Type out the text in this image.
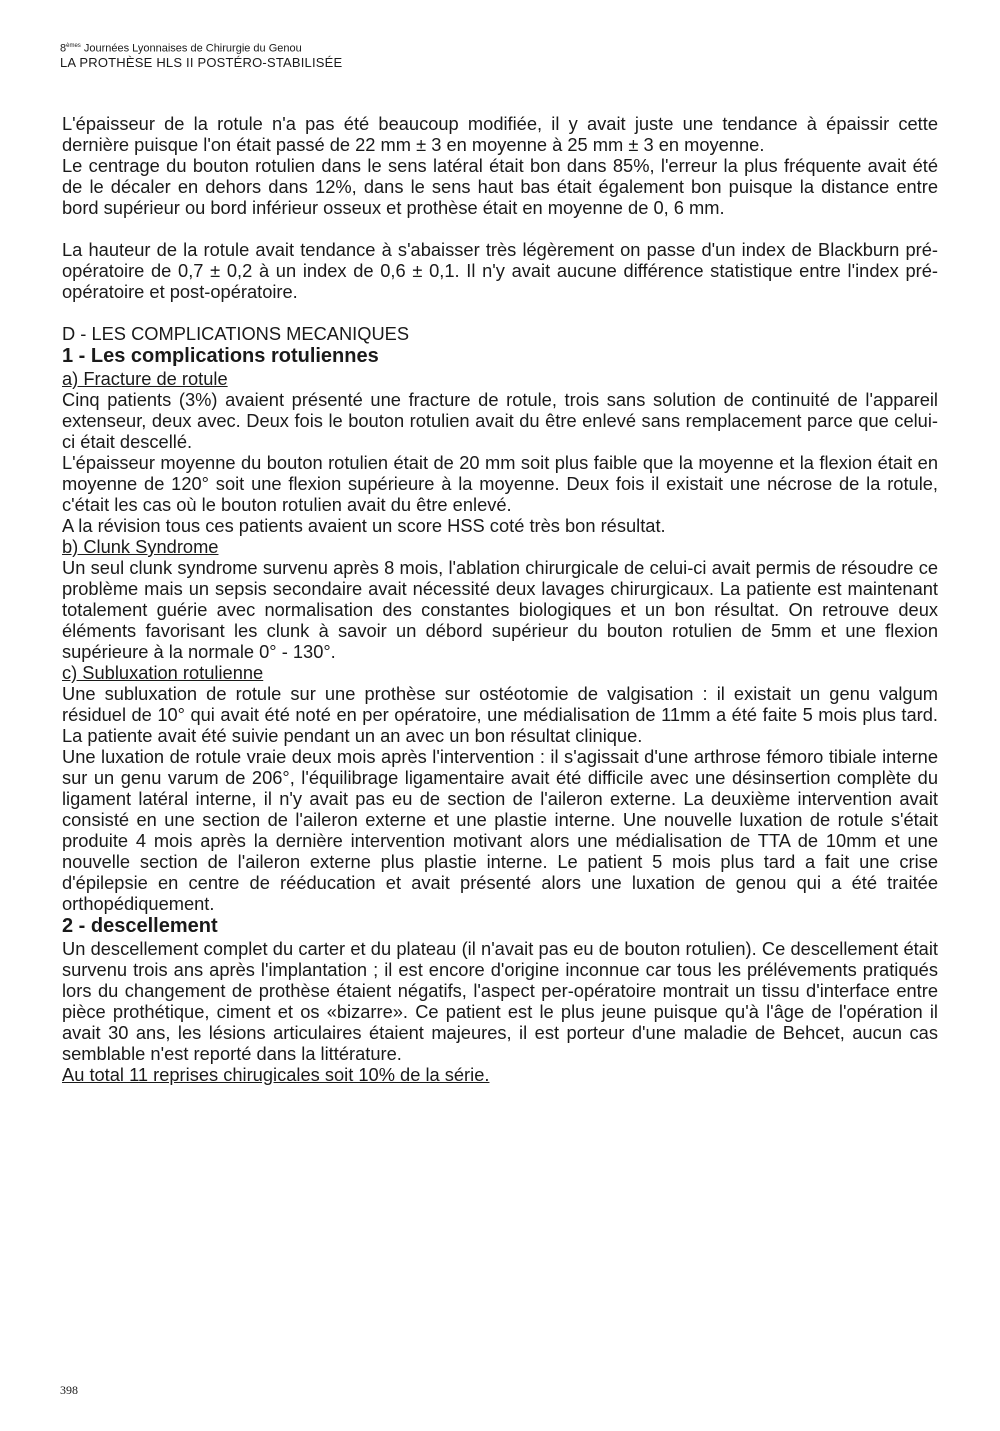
8èmes Journées Lyonnaises de Chirurgie du Genou
LA PROTHÈSE HLS II POSTÉRO-STABILISÉE

L'épaisseur de la rotule n'a pas été beaucoup modifiée, il y avait juste une tendance à épaissir cette dernière puisque l'on était passé de 22 mm ± 3 en moyenne à 25 mm ± 3 en moyenne.

Le centrage du bouton rotulien dans le sens latéral était bon dans 85%, l'erreur la plus fréquente avait été de le décaler en dehors dans 12%, dans le sens haut bas était également bon puisque la distance entre bord supérieur ou bord inférieur osseux et prothèse était en moyenne de 0, 6 mm.

La hauteur de la rotule avait tendance à s'abaisser très légèrement on passe d'un index de Blackburn pré-opératoire de 0,7 ± 0,2 à un index de 0,6 ± 0,1. Il n'y avait aucune différence statistique entre l'index pré-opératoire et post-opératoire.

D - LES COMPLICATIONS MECANIQUES

1 - Les complications rotuliennes

a) Fracture de rotule

Cinq patients (3%) avaient présenté une fracture de rotule, trois sans solution de continuité de l'appareil extenseur, deux avec. Deux fois le bouton rotulien avait du être enlevé sans remplacement parce que celui-ci était descellé.

L'épaisseur moyenne du bouton rotulien était de 20 mm soit plus faible que la moyenne et la flexion était en moyenne de 120° soit une flexion supérieure à la moyenne. Deux fois il existait une nécrose de la rotule, c'était les cas où le bouton rotulien avait du être enlevé.

A la révision tous ces patients avaient un score HSS coté très bon résultat.

b) Clunk Syndrome

Un seul clunk syndrome survenu après 8 mois, l'ablation chirurgicale de celui-ci avait permis de résoudre ce problème mais un sepsis secondaire avait nécessité deux lavages chirurgicaux. La patiente est maintenant totalement guérie avec normalisation des constantes biologiques et un bon résultat. On retrouve deux éléments favorisant les clunk à savoir un débord supérieur du bouton rotulien de 5mm et une flexion supérieure à la normale 0° - 130°.

c) Subluxation rotulienne

Une subluxation de rotule sur une prothèse sur ostéotomie de valgisation : il existait un genu valgum résiduel de 10° qui avait été noté en per opératoire, une médialisation de 11mm a été faite 5 mois plus tard. La patiente avait été suivie pendant un an avec un bon résultat clinique.

Une luxation de rotule vraie deux mois après l'intervention : il s'agissait d'une arthrose fémoro tibiale interne sur un genu varum de 206°, l'équilibrage ligamentaire avait été difficile avec une désinsertion complète du ligament latéral interne, il n'y avait pas eu de section de l'aileron externe. La deuxième intervention avait consisté en une section de l'aileron externe et une plastie interne. Une nouvelle luxation de rotule s'était produite 4 mois après la dernière intervention motivant alors une médialisation de TTA de 10mm et une nouvelle section de l'aileron externe plus plastie interne. Le patient 5 mois plus tard a fait une crise d'épilepsie en centre de rééducation et avait présenté alors une luxation de genou qui a été traitée orthopédiquement.

2 - descellement

Un descellement complet du carter et du plateau (il n'avait pas eu de bouton rotulien). Ce descellement était survenu trois ans après l'implantation ; il est encore d'origine inconnue car tous les prélévements pratiqués lors du changement de prothèse étaient négatifs, l'aspect per-opératoire montrait un tissu d'interface entre pièce prothétique, ciment et os «bizarre». Ce patient est le plus jeune puisque qu'à l'âge de l'opération il avait 30 ans, les lésions articulaires étaient majeures, il est porteur d'une maladie de Behcet, aucun cas semblable n'est reporté dans la littérature.

Au total 11 reprises chirugicales soit 10% de la série.

398
